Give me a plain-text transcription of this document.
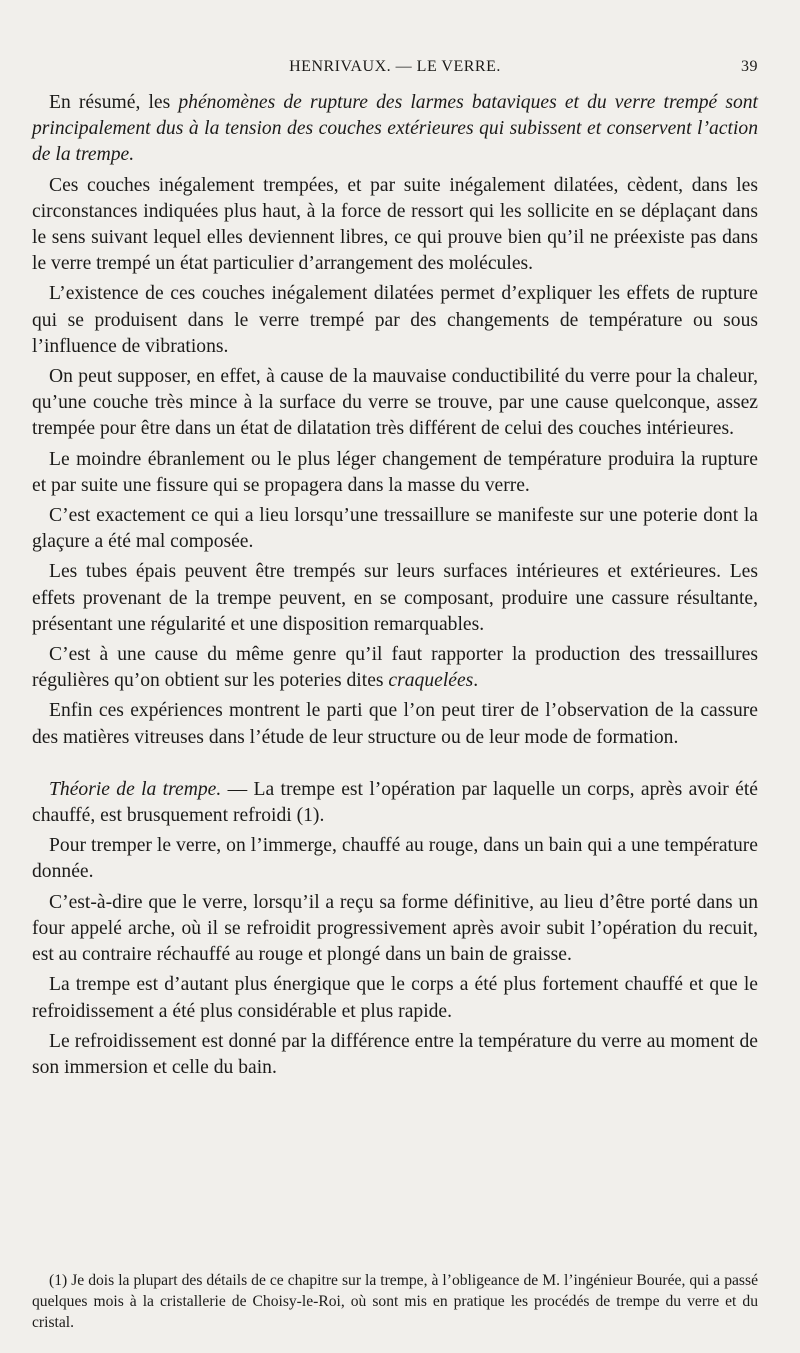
HENRIVAUX. — LE VERRE.	39

En résumé, les phénomènes de rupture des larmes bataviques et du verre trempé sont principalement dus à la tension des couches extérieures qui subissent et conservent l’action de la trempe.

Ces couches inégalement trempées, et par suite inégalement dilatées, cèdent, dans les circonstances indiquées plus haut, à la force de ressort qui les sollicite en se déplaçant dans le sens suivant lequel elles deviennent libres, ce qui prouve bien qu’il ne préexiste pas dans le verre trempé un état particulier d’arrangement des molécules.

L’existence de ces couches inégalement dilatées permet d’expliquer les effets de rupture qui se produisent dans le verre trempé par des changements de température ou sous l’influence de vibrations.

On peut supposer, en effet, à cause de la mauvaise conductibilité du verre pour la chaleur, qu’une couche très mince à la surface du verre se trouve, par une cause quelconque, assez trempée pour être dans un état de dilatation très différent de celui des couches intérieures.

Le moindre ébranlement ou le plus léger changement de température produira la rupture et par suite une fissure qui se propagera dans la masse du verre.

C’est exactement ce qui a lieu lorsqu’une tressaillure se manifeste sur une poterie dont la glaçure a été mal composée.

Les tubes épais peuvent être trempés sur leurs surfaces intérieures et extérieures. Les effets provenant de la trempe peuvent, en se composant, produire une cassure résultante, présentant une régularité et une disposition remarquables.

C’est à une cause du même genre qu’il faut rapporter la production des tressaillures régulières qu’on obtient sur les poteries dites craquelées.

Enfin ces expériences montrent le parti que l’on peut tirer de l’observation de la cassure des matières vitreuses dans l’étude de leur structure ou de leur mode de formation.

Théorie de la trempe. — La trempe est l’opération par laquelle un corps, après avoir été chauffé, est brusquement refroidi (1).

Pour tremper le verre, on l’immerge, chauffé au rouge, dans un bain qui a une température donnée.

C’est-à-dire que le verre, lorsqu’il a reçu sa forme définitive, au lieu d’être porté dans un four appelé arche, où il se refroidit progressivement après avoir subit l’opération du recuit, est au contraire réchauffé au rouge et plongé dans un bain de graisse.

La trempe est d’autant plus énergique que le corps a été plus fortement chauffé et que le refroidissement a été plus considérable et plus rapide.

Le refroidissement est donné par la différence entre la température du verre au moment de son immersion et celle du bain.

(1) Je dois la plupart des détails de ce chapitre sur la trempe, à l’obligeance de M. l’ingénieur Bourée, qui a passé quelques mois à la cristallerie de Choisy-le-Roi, où sont mis en pratique les procédés de trempe du verre et du cristal.
